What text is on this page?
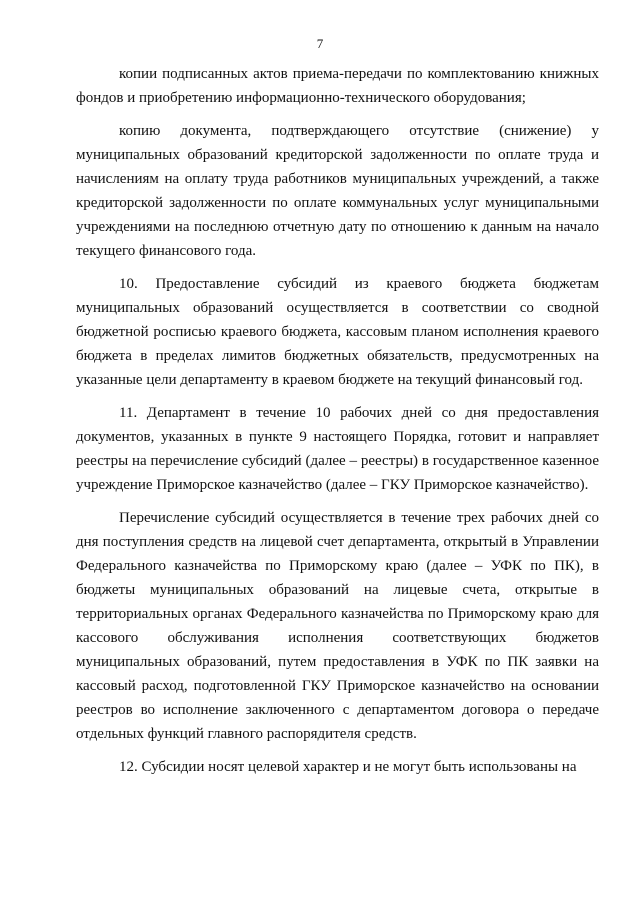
7

копии подписанных актов приема-передачи по комплектованию книжных фондов и приобретению информационно-технического оборудования;

копию документа, подтверждающего отсутствие (снижение) у муниципальных образований кредиторской задолженности по оплате труда и начислениям на оплату труда работников муниципальных учреждений, а также кредиторской задолженности по оплате коммунальных услуг муниципальными учреждениями на последнюю отчетную дату по отношению к данным на начало текущего финансового года.

10. Предоставление субсидий из краевого бюджета бюджетам муниципальных образований осуществляется в соответствии со сводной бюджетной росписью краевого бюджета, кассовым планом исполнения краевого бюджета в пределах лимитов бюджетных обязательств, предусмотренных на указанные цели департаменту в краевом бюджете на текущий финансовый год.

11. Департамент в течение 10 рабочих дней со дня предоставления документов, указанных в пункте 9 настоящего Порядка, готовит и направляет реестры на перечисление субсидий (далее – реестры) в государственное казенное учреждение Приморское казначейство (далее – ГКУ Приморское казначейство).

Перечисление субсидий осуществляется в течение трех рабочих дней со дня поступления средств на лицевой счет департамента, открытый в Управлении Федерального казначейства по Приморскому краю (далее – УФК по ПК), в бюджеты муниципальных образований на лицевые счета, открытые в территориальных органах Федерального казначейства по Приморскому краю для кассового обслуживания исполнения соответствующих бюджетов муниципальных образований, путем предоставления в УФК по ПК заявки на кассовый расход, подготовленной ГКУ Приморское казначейство на основании реестров во исполнение заключенного с департаментом договора о передаче отдельных функций главного распорядителя средств.

12. Субсидии носят целевой характер и не могут быть использованы на
